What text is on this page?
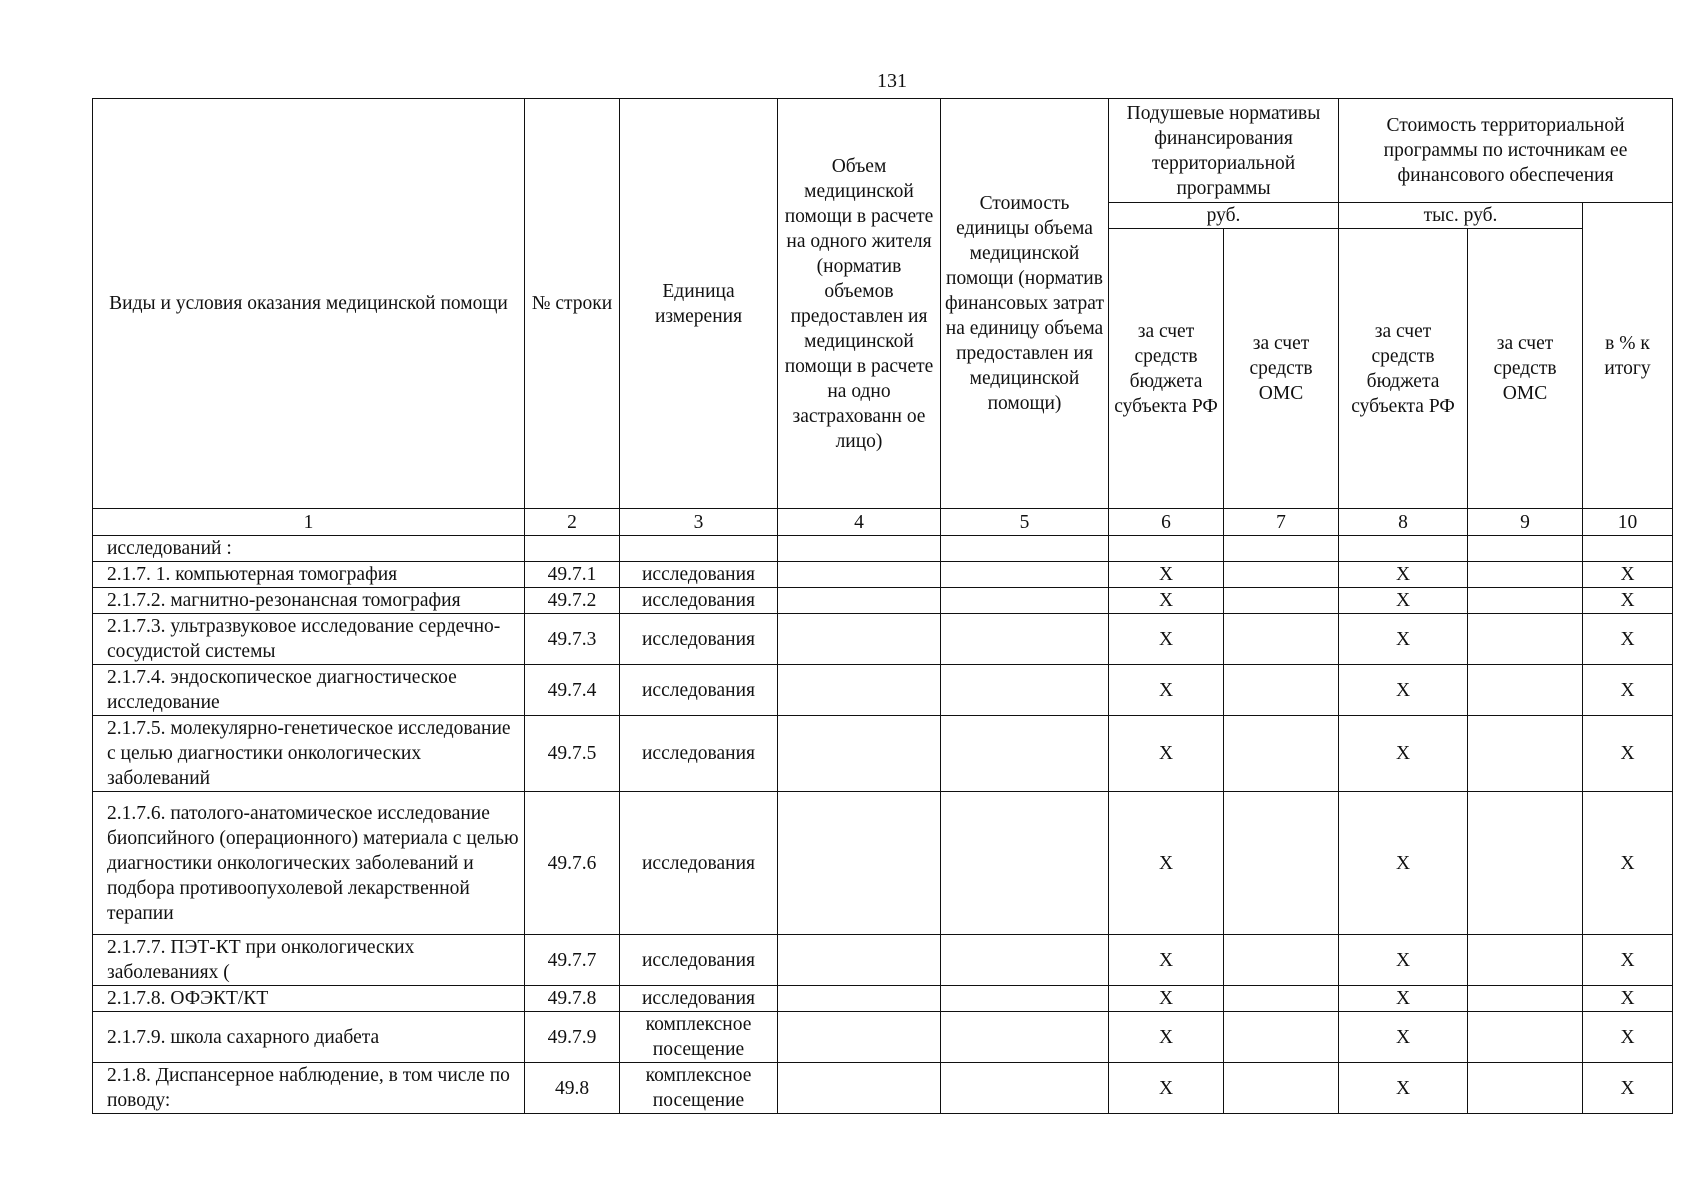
131
Виды и условия оказания медицинской помощи	№ строки	Единица измерения	Объем медицинской помощи в расчете на одного жителя (норматив объемов предоставлен ия медицинской помощи в расчете на одно застрахованн ое лицо)	Стоимость единицы объема медицинской помощи (норматив финансовых затрат на единицу объема предоставлен ия медицинской помощи)	Подушевые нормативы финансирования территориальной программы		Стоимость территориальной программы по источникам ее финансового обеспечения		
					руб.		тыс. руб.		в % к итогу
					за счет средств бюджета субъекта РФ	за счет средств ОМС	за счет средств бюджета субъекта РФ	за счет средств ОМС	
1	2	3	4	5	6	7	8	9	10
исследований :									
2.1.7. 1. компьютерная томография	49.7.1	исследования			Х		Х		Х
2.1.7.2. магнитно-резонансная томография	49.7.2	исследования			Х		Х		Х
2.1.7.3. ультразвуковое исследование сердечно-сосудистой системы	49.7.3	исследования			Х		Х		Х
2.1.7.4. эндоскопическое диагностическое исследование	49.7.4	исследования			Х		Х		Х
2.1.7.5. молекулярно-генетическое исследование с целью диагностики онкологических заболеваний	49.7.5	исследования			Х		Х		Х
2.1.7.6. патолого-анатомическое исследование биопсийного (операционного) материала с целью диагностики онкологических заболеваний и подбора противоопухолевой лекарственной терапии	49.7.6	исследования			Х		Х		Х
2.1.7.7. ПЭТ-КТ при онкологических заболеваниях (	49.7.7	исследования			Х		Х		Х
2.1.7.8. ОФЭКТ/КТ	49.7.8	исследования			Х		Х		Х
2.1.7.9. школа сахарного диабета	49.7.9	комплексное посещение			Х		Х		Х
2.1.8. Диспансерное наблюдение, в том числе по поводу:	49.8	комплексное посещение			Х		Х		Х
